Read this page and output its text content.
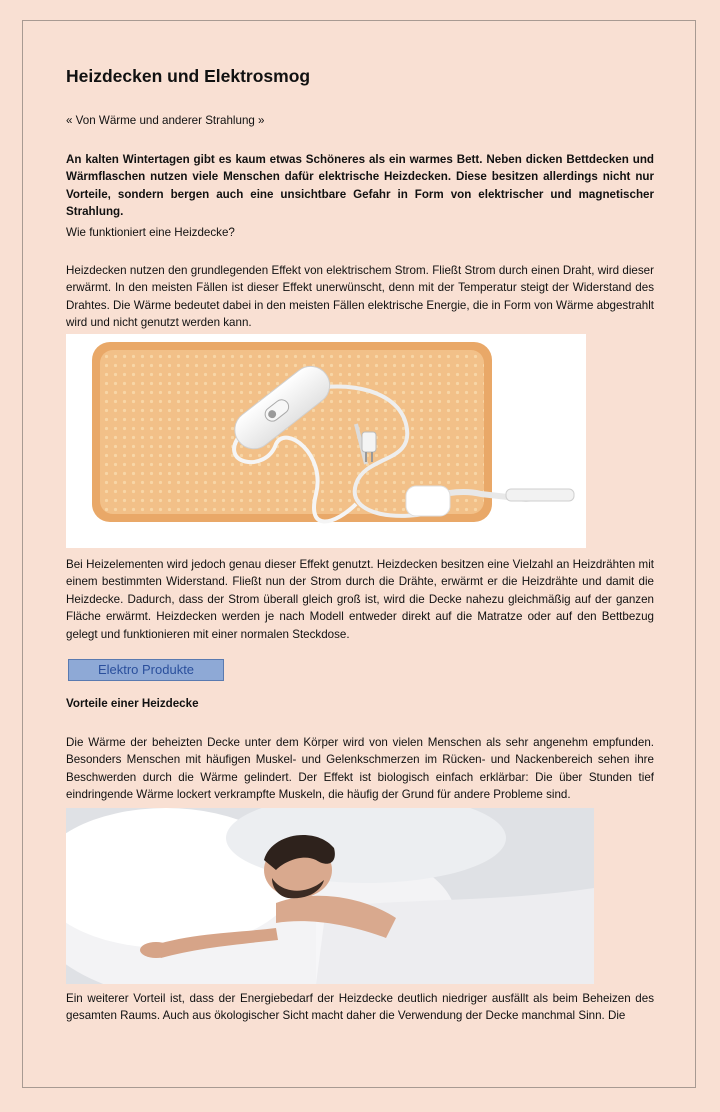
Heizdecken und Elektrosmog

« Von Wärme und anderer Strahlung »

An kalten Wintertagen gibt es kaum etwas Schöneres als ein warmes Bett. Neben dicken Bettdecken und Wärmflaschen nutzen viele Menschen dafür elektrische Heizdecken. Diese besitzen allerdings nicht nur Vorteile, sondern bergen auch eine unsichtbare Gefahr in Form von elektrischer und magnetischer Strahlung.

Wie funktioniert eine Heizdecke?

Heizdecken nutzen den grundlegenden Effekt von elektrischem Strom. Fließt Strom durch einen Draht, wird dieser erwärmt. In den meisten Fällen ist dieser Effekt unerwünscht, denn mit der Temperatur steigt der Widerstand des Drahtes. Die Wärme bedeutet dabei in den meisten Fällen elektrische Energie, die in Form von Wärme abgestrahlt wird und nicht genutzt werden kann.

Bei Heizelementen wird jedoch genau dieser Effekt genutzt. Heizdecken besitzen eine Vielzahl an Heizdrähten mit einem bestimmten Widerstand. Fließt nun der Strom durch die Drähte, erwärmt er die Heizdrähte und damit die Heizdecke. Dadurch, dass der Strom überall gleich groß ist, wird die Decke nahezu gleichmäßig auf der ganzen Fläche erwärmt. Heizdecken werden je nach Modell entweder direkt auf die Matratze oder auf den Bettbezug gelegt und funktionieren mit einer normalen Steckdose.

Elektro Produkte

Vorteile einer Heizdecke

Die Wärme der beheizten Decke unter dem Körper wird von vielen Menschen als sehr angenehm empfunden. Besonders Menschen mit häufigen Muskel- und Gelenkschmerzen im Rücken- und Nackenbereich sehen ihre Beschwerden durch die Wärme gelindert. Der Effekt ist biologisch einfach erklärbar: Die über Stunden tief eindringende Wärme lockert verkrampfte Muskeln, die häufig der Grund für andere Probleme sind.

Ein weiterer Vorteil ist, dass der Energiebedarf der Heizdecke deutlich niedriger ausfällt als beim Beheizen des gesamten Raums. Auch aus ökologischer Sicht macht daher die Verwendung der Decke manchmal Sinn. Die
